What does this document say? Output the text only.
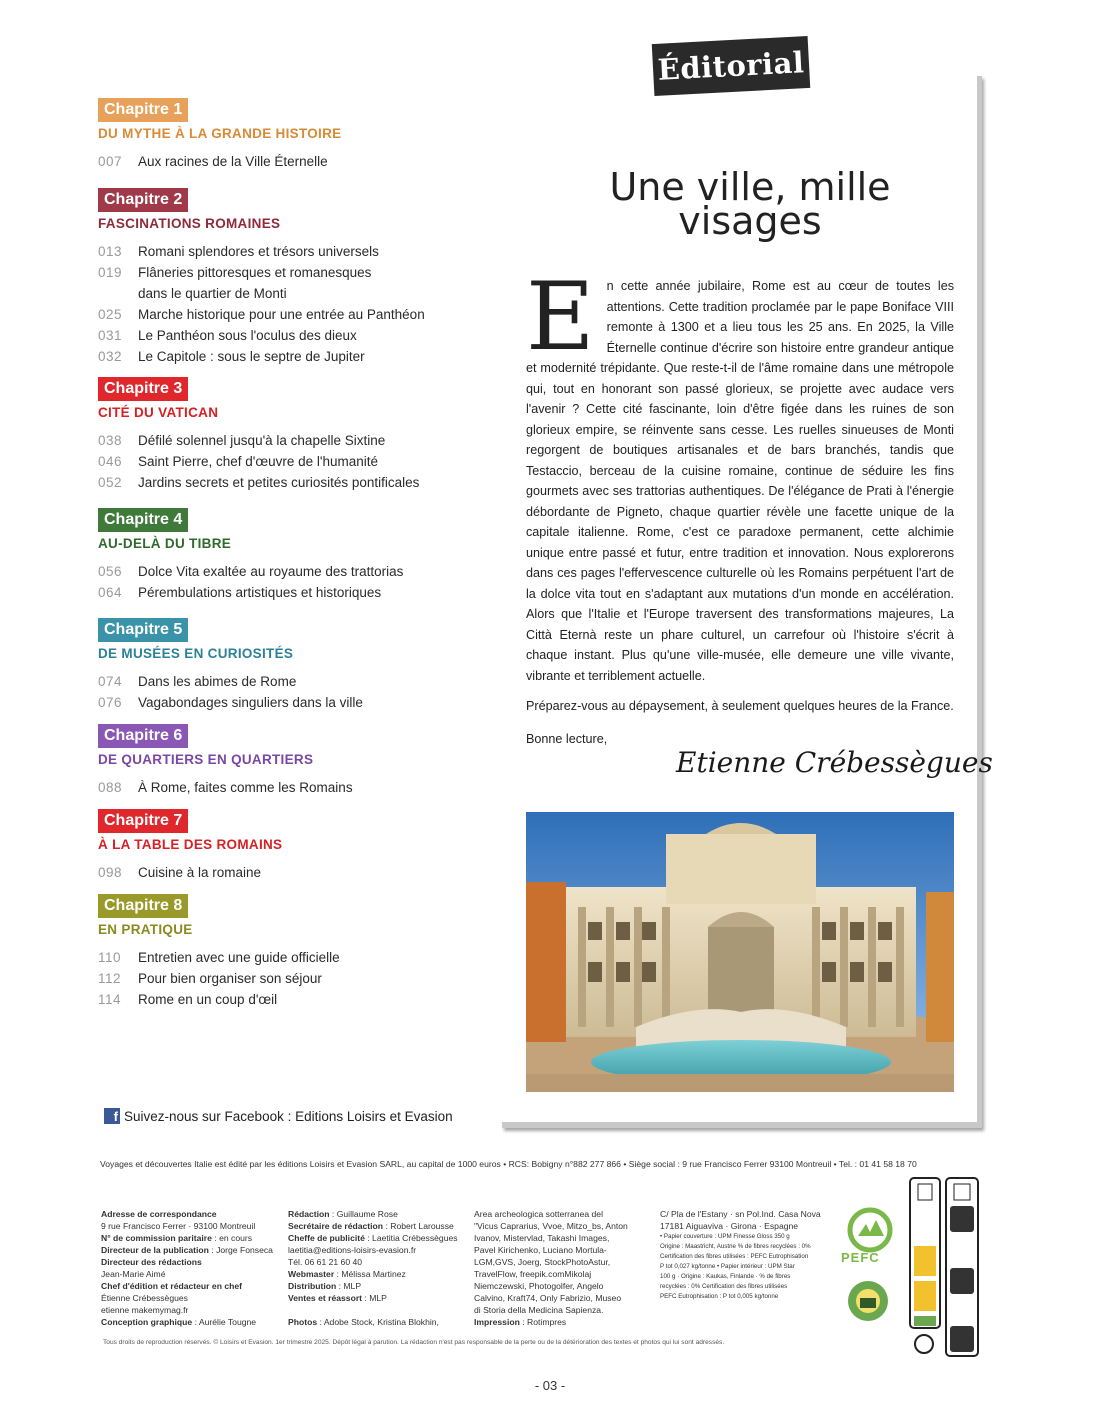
Chapitre 1
DU MYTHE À LA GRANDE HISTOIRE
007	Aux racines de la Ville Éternelle
Chapitre 2
FASCINATIONS ROMAINES
013	Romani splendores et trésors universels
019	Flâneries pittoresques et romanesques
dans le quartier de Monti
025	Marche historique pour une entrée au Panthéon
031	Le Panthéon sous l'oculus des dieux
032	Le Capitole : sous le septre de Jupiter
Chapitre 3
CITÉ DU VATICAN
038	Défilé solennel jusqu'à la chapelle Sixtine
046	Saint Pierre, chef d'œuvre de l'humanité
052	Jardins secrets et petites curiosités pontificales
Chapitre 4
AU-DELÀ DU TIBRE
056	Dolce Vita exaltée au royaume des trattorias
064	Pérembulations artistiques et historiques
Chapitre 5
DE MUSÉES EN CURIOSITÉS
074	Dans les abimes de Rome
076	Vagabondages singuliers dans la ville
Chapitre 6
DE QUARTIERS EN QUARTIERS
088	À Rome, faites comme les Romains
Chapitre 7
À LA TABLE DES ROMAINS
098	Cuisine à la romaine
Chapitre 8
EN PRATIQUE
110	Entretien avec une guide officielle
112	Pour bien organiser son séjour
114	Rome en un coup d'œil
Éditorial
Une ville, mille
visages

En cette année jubilaire, Rome est au cœur de toutes les attentions. Cette tradition proclamée par le pape Boniface VIII remonte à 1300 et a lieu tous les 25 ans. En 2025, la Ville Éternelle continue d'écrire son histoire entre grandeur antique et modernité trépidante. Que reste-t-il de l'âme romaine dans une métropole qui, tout en honorant son passé glorieux, se projette avec audace vers l'avenir ? Cette cité fascinante, loin d'être figée dans les ruines de son glorieux empire, se réinvente sans cesse. Les ruelles sinueuses de Monti regorgent de boutiques artisanales et de bars branchés, tandis que Testaccio, berceau de la cuisine romaine, continue de séduire les fins gourmets avec ses trattorias authentiques. De l'élégance de Prati à l'énergie débordante de Pigneto, chaque quartier révèle une facette unique de la capitale italienne. Rome, c'est ce paradoxe permanent, cette alchimie unique entre passé et futur, entre tradition et innovation. Nous explorerons dans ces pages l'effervescence culturelle où les Romains perpétuent l'art de la dolce vita tout en s'adaptant aux mutations d'un monde en accélération. Alors que l'Italie et l'Europe traversent des transformations majeures, La Città Eternà reste un phare culturel, un carrefour où l'histoire s'écrit à chaque instant. Plus qu'une ville-musée, elle demeure une ville vivante, vibrante et terriblement actuelle.

Préparez-vous au dépaysement, à seulement quelques heures de la France.

Bonne lecture,

Etienne Crébessègues
f Suivez-nous sur Facebook : Editions Loisirs et Evasion
Voyages et découvertes Italie est édité par les éditions Loisirs et Evasion SARL, au capital de 1000 euros • RCS: Bobigny n°882 277 866 • Siège social : 9 rue Francisco Ferrer 93100 Montreuil • Tel. : 01 41 58 18 70
Adresse de correspondance
9 rue Francisco Ferrer · 93100 Montreuil
N° de commission paritaire : en cours
Directeur de la publication : Jorge Fonseca
Directeur des rédactions
Jean-Marie Aimé
Chef d'édition et rédacteur en chef
Étienne Crébessègues
etienne makemymag.fr
Conception graphique : Aurélie Tougne
Rédaction : Guillaume Rose
Secrétaire de rédaction : Robert Larousse
Cheffe de publicité : Laetitia Crébessègues
laetitia@editions-loisirs-evasion.fr
Tél. 06 61 21 60 40
Webmaster : Mélissa Martinez
Distribution : MLP
Ventes et réassort : MLP

Photos : Adobe Stock, Kristina Blokhin,
Area archeologica sotterranea del
"Vicus Caprarius, Vvoe, Mitzo_bs, Anton
Ivanov, Mistervlad, Takashi Images,
Pavel Kirichenko, Luciano Mortula-
LGM,GVS, Joerg, StockPhotoAstur,
TravelFlow, freepik.comMikolaj
Niemczewski, Photogolfer, Angelo
Calvino, Kraft74, Only Fabrizio, Museo
di Storia della Medicina Sapienza.
Impression : Rotimpres
C/ Pla de l'Estany · sn Pol.Ind. Casa Nova
17181 Aiguaviva · Girona · Espagne
• Papier couverture : UPM Finesse Gloss 350 g
Origine : Maastricht, Austrie % de fibres recyclées : 0%
Certification des fibres utilisées : PEFC Eutrophisation
P tot 0,027 kg/tonne • Papier intérieur : UPM Star
100 g · Origine : Kaukas, Finlande · % de fibres
recyclées : 0% Certification des fibres utilisées
PEFC Eutrophisation : P tot 0,005 kg/tonne
PEFC
Tous droits de reproduction réservés. © Loisirs et Evasion. 1er trimestre 2025. Dépôt légal à parution. La rédaction n'est pas responsable de la perte ou de la détérioration des textes et photos qui lui sont adressés.
- 03 -
